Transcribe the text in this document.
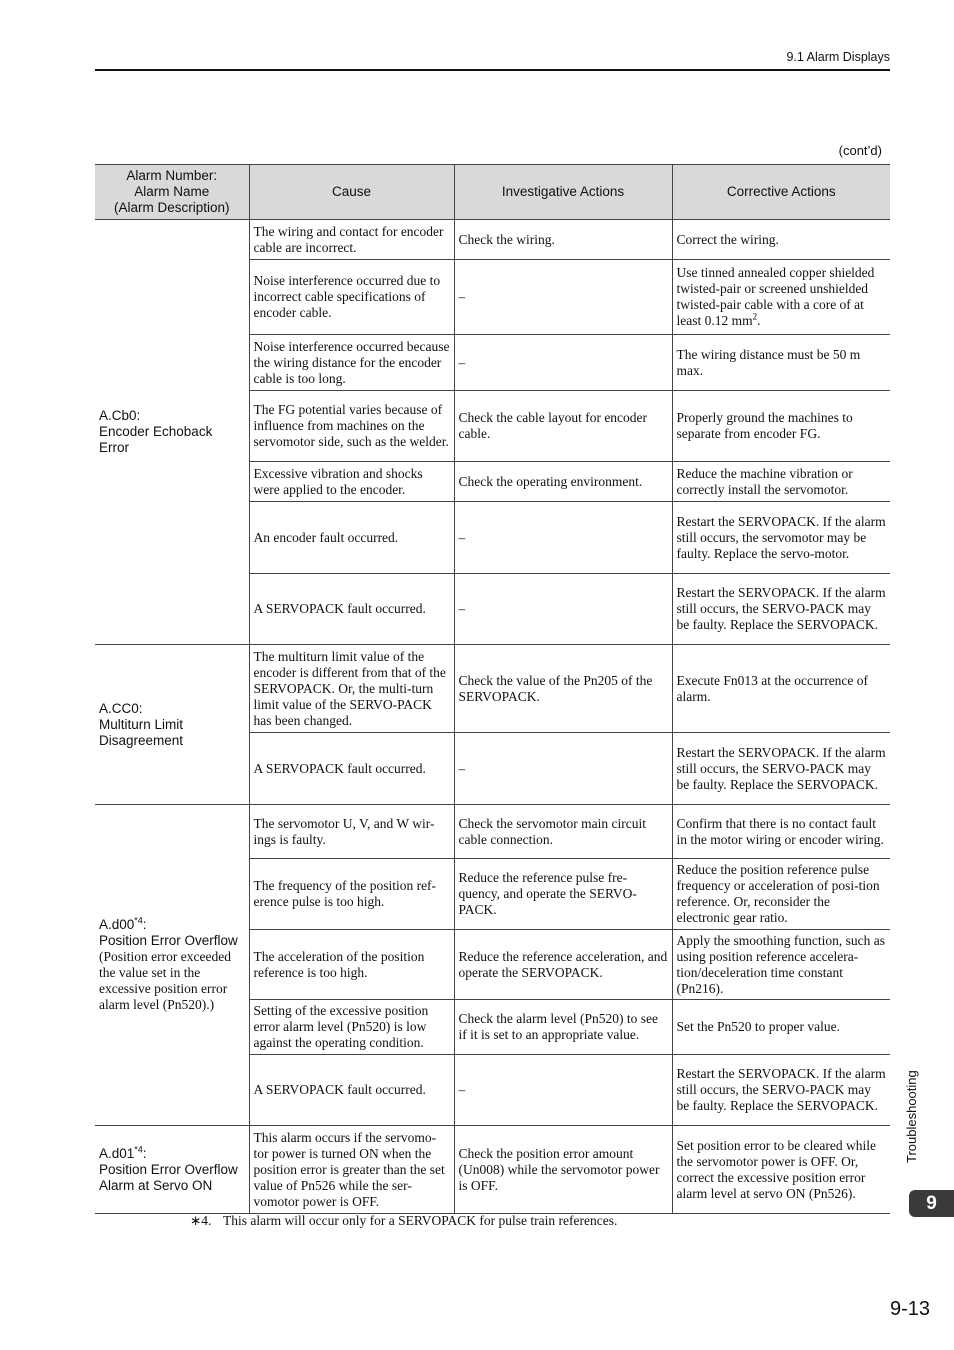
9.1 Alarm Displays
(cont’d)
Alarm Number:
Alarm Name
(Alarm Description)	Cause	Investigative Actions	Corrective Actions

A.Cb0:
Encoder Echoback Error	The wiring and contact for encoder cable are incorrect.	Check the wiring.	Correct the wiring.
	Noise interference occurred due to incorrect cable specifications of encoder cable.	–	Use tinned annealed copper shielded twisted-pair or screened unshielded twisted-pair cable with a core of at least 0.12 $mm^2$.
	Noise interference occurred because the wiring distance for the encoder cable is too long.	–	The wiring distance must be 50 m max.
	The FG potential varies because of influence from machines on the servomotor side, such as the welder.	Check the cable layout for encoder cable.	Properly ground the machines to separate from encoder FG.
	Excessive vibration and shocks were applied to the encoder.	Check the operating environment.	Reduce the machine vibration or correctly install the servomotor.
	An encoder fault occurred.	–	Restart the SERVOPACK. If the alarm still occurs, the servomotor may be faulty. Replace the servo-motor.
	A SERVOPACK fault occurred.	–	Restart the SERVOPACK. If the alarm still occurs, the SERVO-PACK may be faulty. Replace the SERVOPACK.

A.CC0:
Multiturn Limit Disagreement	The multiturn limit value of the encoder is different from that of the SERVOPACK. Or, the multi-turn limit value of the SERVO-PACK has been changed.	Check the value of the Pn205 of the SERVOPACK.	Execute Fn013 at the occurrence of alarm.
	A SERVOPACK fault occurred.	–	Restart the SERVOPACK. If the alarm still occurs, the SERVO-PACK may be faulty. Replace the SERVOPACK.

A.d00$^{*4}$:
Position Error Overflow
(Position error exceeded the value set in the excessive position error alarm level (Pn520).)	The servomotor U, V, and W wir-ings is faulty.	Check the servomotor main circuit cable connection.	Confirm that there is no contact fault in the motor wiring or encoder wiring.
	The frequency of the position ref-erence pulse is too high.	Reduce the reference pulse fre-quency, and operate the SERVO-PACK.	Reduce the position reference pulse frequency or acceleration of posi-tion reference. Or, reconsider the electronic gear ratio.
	The acceleration of the position reference is too high.	Reduce the reference acceleration, and operate the SERVOPACK.	Apply the smoothing function, such as using position reference accelera-tion/deceleration time constant (Pn216).
	Setting of the excessive position error alarm level (Pn520) is low against the operating condition.	Check the alarm level (Pn520) to see if it is set to an appropriate value.	Set the Pn520 to proper value.
	A SERVOPACK fault occurred.	–	Restart the SERVOPACK. If the alarm still occurs, the SERVO-PACK may be faulty. Replace the SERVOPACK.

A.d01$^{*4}$:
Position Error Overflow Alarm at Servo ON	This alarm occurs if the servomo-tor power is turned ON when the position error is greater than the set value of Pn526 while the ser-vomotor power is OFF.	Check the position error amount (Un008) while the servomotor power is OFF.	Set position error to be cleared while the servomotor power is OFF. Or, correct the excessive position error alarm level at servo ON (Pn526).
∗4. This alarm will occur only for a SERVOPACK for pulse train references.
Troubleshooting
9
9-13
